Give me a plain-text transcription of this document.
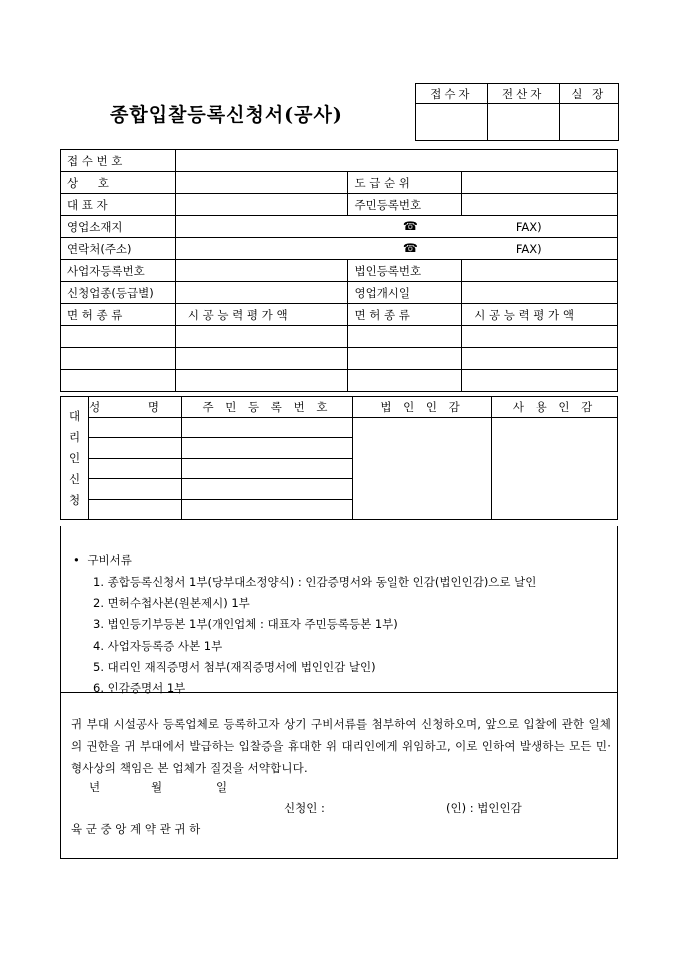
종합입찰등록신청서(공사)
접수자	전산자	실 장

접 수 번 호			
상 호		도 급 순 위	
대 표 자		주민등록번호	
영업소재지	☎ FAX)		

연락처(주소)	☎ FAX)		

사업자등록번호		법인등록번호	
신청업종(등급별)		영업개시일	
면 허 종 류	시 공 능 력 평 가 액	면 허 종 류	시 공 능 력 평 가 액

대
리
인
신
청	성 명	주 민 등 록 번 호	법 인 인 감	사 용 인 감

• 구비서류
1. 종합등록신청서 1부(당부대소정양식) : 인감증명서와 동일한 인감(법인인감)으로 날인
2. 면허수첩사본(원본제시) 1부
3. 법인등기부등본 1부(개인업체 : 대표자 주민등록등본 1부)
4. 사업자등록증 사본 1부
5. 대리인 재직증명서 첨부(재직증명서에 법인인감 날인)
6. 인감증명서 1부
귀 부대 시설공사 등록업체로 등록하고자 상기 구비서류를 첨부하여 신청하오며, 앞으로 입찰에 관한 일체의 권한을 귀 부대에서 발급하는 입찰증을 휴대한 위 대리인에게 위임하고, 이로 인하여 발생하는 모든 민·형사상의 책임은 본 업체가 질것을 서약합니다.
년	월	일
신청인 :	(인) : 법인인감
육 군 중 앙 계 약 관 귀 하
